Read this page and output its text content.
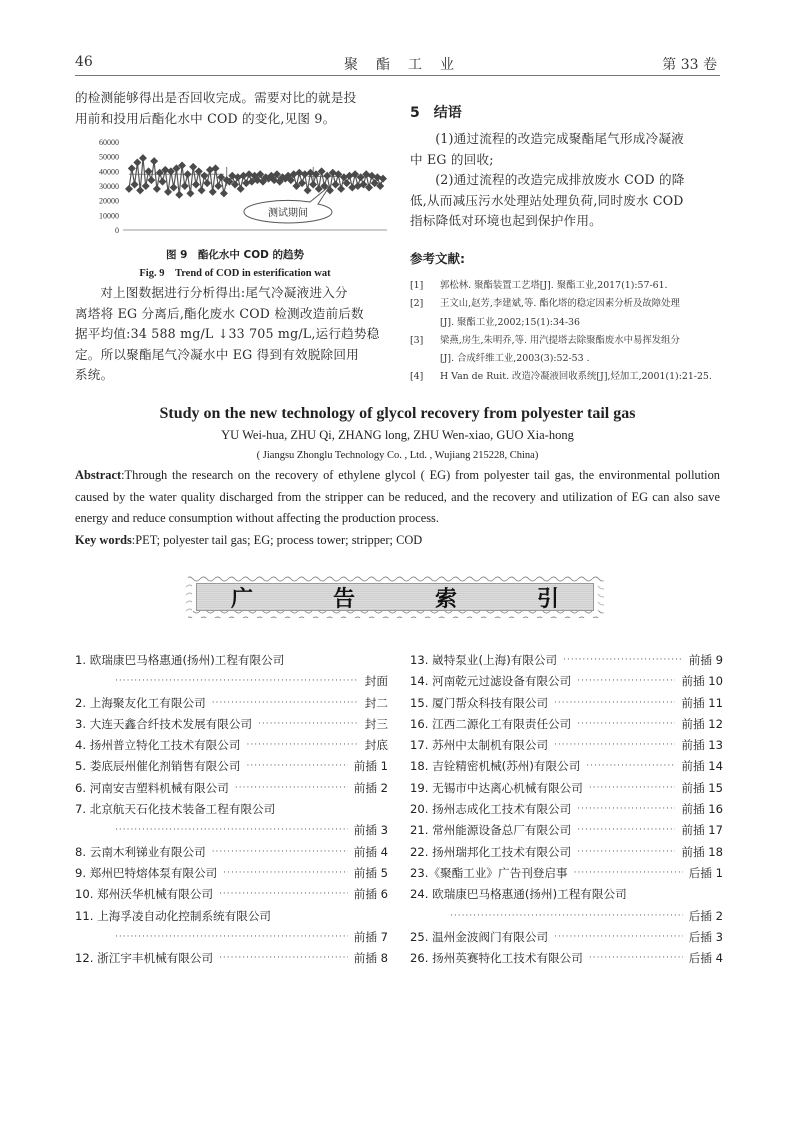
46	聚　酯　工　业	第 33 卷
的检测能够得出是否回收完成。需要对比的就是投
用前和投用后酯化水中 COD 的变化,见图 9。
60000
50000
40000
30000
20000
10000
0
测试期间
图 9　酯化水中 COD 的趋势
Fig. 9　Trend of COD in esterification wat
对上图数据进行分析得出:尾气冷凝液进入分
离塔将 EG 分离后,酯化废水 COD 检测改造前后数
据平均值:34 588 mg/L ↓33 705 mg/L,运行趋势稳
定。所以聚酯尾气冷凝水中 EG 得到有效脱除回用
系统。
5　结语
(1)通过流程的改造完成聚酯尾气形成冷凝液
中 EG 的回收;
(2)通过流程的改造完成排放废水 COD 的降
低,从而减压污水处理站处理负荷,同时废水 COD
指标降低对环境也起到保护作用。
参考文献:
[1] 郭松林. 聚酯装置工艺塔[J]. 聚酯工业,2017(1):57-61.
[2] 王文山,赵芳,李建斌,等. 酯化塔的稳定因素分析及故障处理
[J]. 聚酯工业,2002;15(1):34-36
[3] 梁燕,房生,朱明乔,等. 用汽提塔去除聚酯废水中易挥发组分
[J]. 合成纤维工业,2003(3):52-53 .
[4] H Van de Ruit. 改造冷凝液回收系统[J],烃加工,2001(1):21-25.
Study on the new technology of glycol recovery from polyester tail gas
YU Wei-hua, ZHU Qi, ZHANG long, ZHU Wen-xiao, GUO Xia-hong
( Jiangsu Zhonglu Technology Co. , Ltd. , Wujiang 215228, China)
Abstract:Through the research on the recovery of ethylene glycol ( EG) from polyester tail gas, the environmental pollution caused by the water quality discharged from the stripper can be reduced, and the recovery and utilization of EG can also save energy and reduce consumption without affecting the production process.
Key words:PET; polyester tail gas; EG; process tower; stripper; COD
广	告	索	引
1. 欧瑞康巴马格惠通(扬州)工程有限公司
·····
封面
2. 上海聚友化工有限公司 ·····	封二
3. 大连天鑫合纤技术发展有限公司 ·····	封三
4. 扬州普立特化工技术有限公司 ·····	封底
5. 娄底辰州催化剂销售有限公司 ·····	前插 1
6. 河南安吉塑料机械有限公司 ·····	前插 2
7. 北京航天石化技术装备工程有限公司
·····
前插 3
8. 云南木利锑业有限公司 ·····	前插 4
9. 郑州巴特熔体泵有限公司 ·····	前插 5
10. 郑州沃华机械有限公司 ·····	前插 6
11. 上海孚凌自动化控制系统有限公司
·····
前插 7
12. 浙江宇丰机械有限公司 ·····	前插 8
13. 崴特泵业(上海)有限公司 ·····	前插 9
14. 河南乾元过滤设备有限公司 ·····	前插 10
15. 厦门帮众科技有限公司 ·····	前插 11
16. 江西二源化工有限责任公司 ·····	前插 12
17. 苏州中太制机有限公司 ·····	前插 13
18. 吉铨精密机械(苏州)有限公司 ·····	前插 14
19. 无锡市中达离心机械有限公司 ·····	前插 15
20. 扬州志成化工技术有限公司 ·····	前插 16
21. 常州能源设备总厂有限公司 ·····	前插 17
22. 扬州瑞邦化工技术有限公司 ·····	前插 18
23.《聚酯工业》广告刊登启事 ·····	后插 1
24. 欧瑞康巴马格惠通(扬州)工程有限公司
·····
后插 2
25. 温州金波阀门有限公司 ·····	后插 3
26. 扬州英赛特化工技术有限公司 ·····	后插 4
